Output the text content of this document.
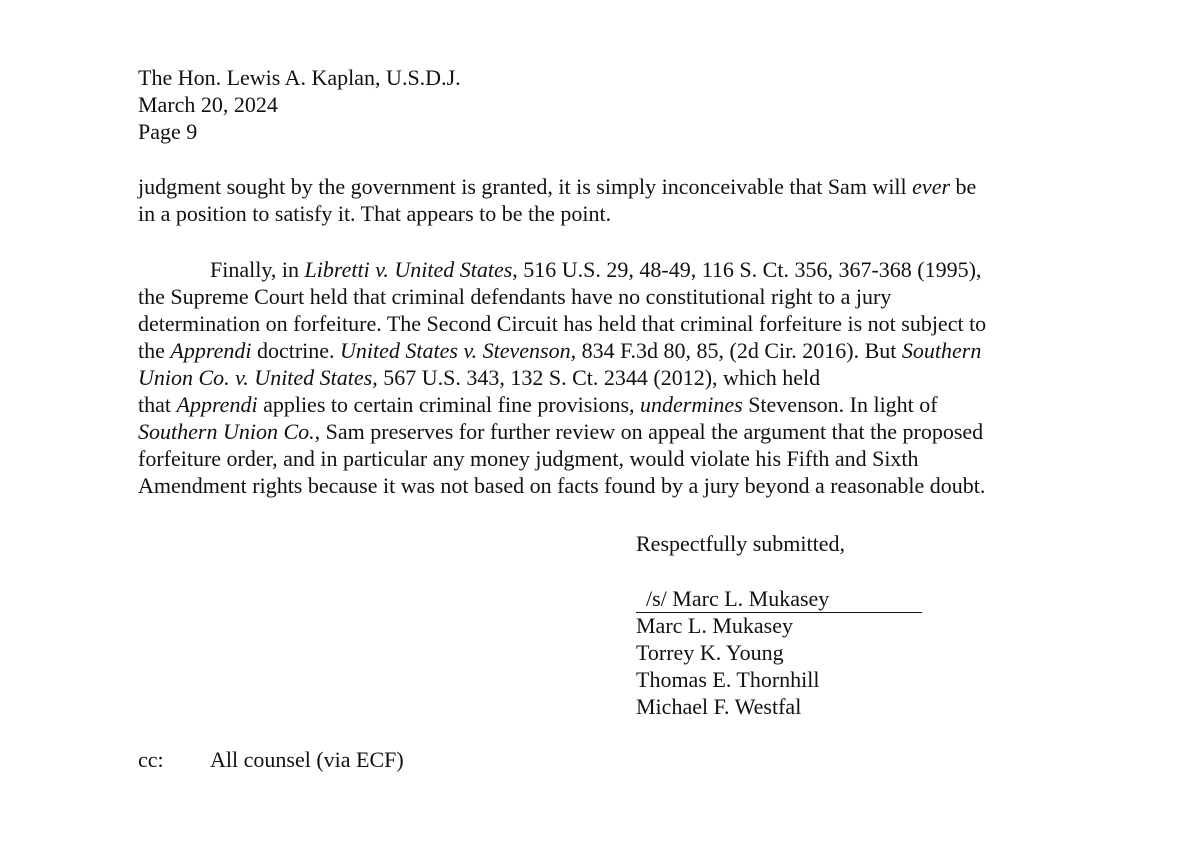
The Hon. Lewis A. Kaplan, U.S.D.J.
March 20, 2024
Page 9
judgment sought by the government is granted, it is simply inconceivable that Sam will ever be
in a position to satisfy it. That appears to be the point.
Finally, in Libretti v. United States, 516 U.S. 29, 48-49, 116 S. Ct. 356, 367-368 (1995),
the Supreme Court held that criminal defendants have no constitutional right to a jury
determination on forfeiture. The Second Circuit has held that criminal forfeiture is not subject to
the Apprendi doctrine. United States v. Stevenson, 834 F.3d 80, 85, (2d Cir. 2016). But Southern
Union Co. v. United States, 567 U.S. 343, 132 S. Ct. 2344 (2012), which held
that Apprendi applies to certain criminal fine provisions, undermines Stevenson. In light of
Southern Union Co., Sam preserves for further review on appeal the argument that the proposed
forfeiture order, and in particular any money judgment, would violate his Fifth and Sixth
Amendment rights because it was not based on facts found by a jury beyond a reasonable doubt.
Respectfully submitted,
/s/ Marc L. Mukasey
Marc L. Mukasey
Torrey K. Young
Thomas E. Thornhill
Michael F. Westfal
cc: All counsel (via ECF)
